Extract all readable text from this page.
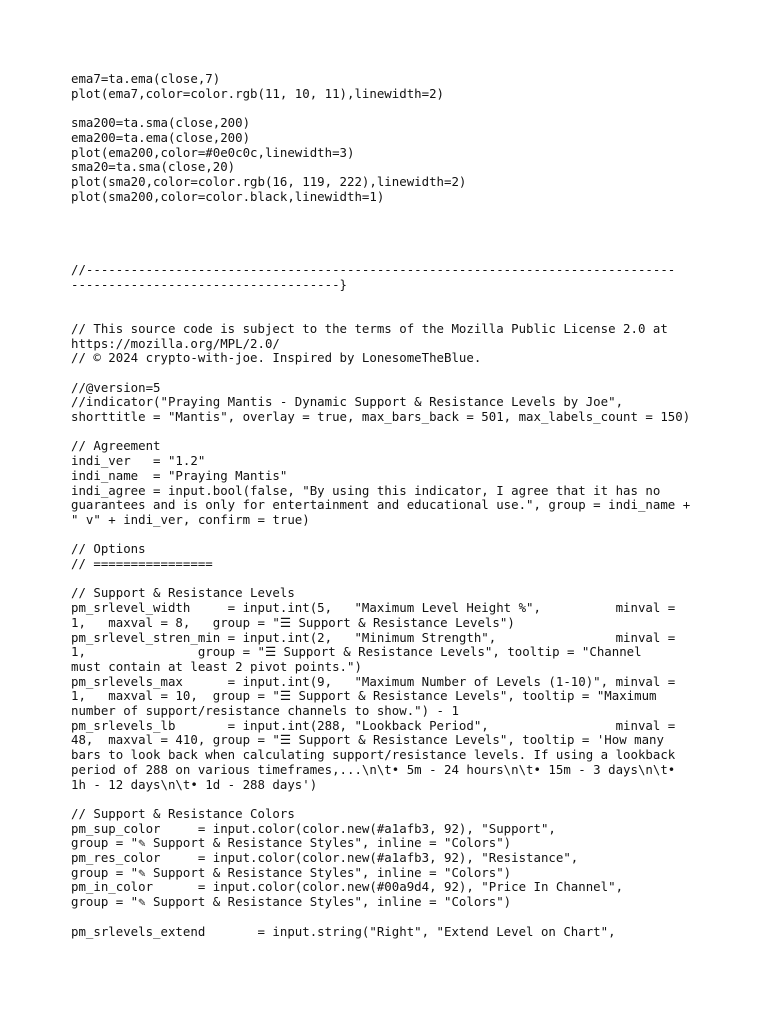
ema7=ta.ema(close,7)
plot(ema7,color=color.rgb(11, 10, 11),linewidth=2)
sma200=ta.sma(close,200)
ema200=ta.ema(close,200)
plot(ema200,color=#0e0c0c,linewidth=3)
sma20=ta.sma(close,20)
plot(sma20,color=color.rgb(16, 119, 222),linewidth=2)
plot(sma200,color=color.black,linewidth=1)
//-------------------------------------------------------------------------------
------------------------------------}
// This source code is subject to the terms of the Mozilla Public License 2.0 at
https://mozilla.org/MPL/2.0/
// © 2024 crypto-with-joe. Inspired by LonesomeTheBlue.
//@version=5
//indicator("Praying Mantis - Dynamic Support & Resistance Levels by Joe",
shorttitle = "Mantis", overlay = true, max_bars_back = 501, max_labels_count = 150)
// Agreement
indi_ver   = "1.2"
indi_name  = "Praying Mantis"
indi_agree = input.bool(false, "By using this indicator, I agree that it has no
guarantees and is only for entertainment and educational use.", group = indi_name +
" v" + indi_ver, confirm = true)
// Options
// ================
// Support & Resistance Levels
pm_srlevel_width     = input.int(5,   "Maximum Level Height %",          minval =
1,   maxval = 8,   group = "☰ Support & Resistance Levels")
pm_srlevel_stren_min = input.int(2,   "Minimum Strength",                minval =
1,               group = "☰ Support & Resistance Levels", tooltip = "Channel
must contain at least 2 pivot points.")
pm_srlevels_max      = input.int(9,   "Maximum Number of Levels (1-10)", minval =
1,   maxval = 10,  group = "☰ Support & Resistance Levels", tooltip = "Maximum
number of support/resistance channels to show.") - 1
pm_srlevels_lb       = input.int(288, "Lookback Period",                 minval =
48,  maxval = 410, group = "☰ Support & Resistance Levels", tooltip = 'How many
bars to look back when calculating support/resistance levels. If using a lookback
period of 288 on various timeframes,...\n\t• 5m - 24 hours\n\t• 15m - 3 days\n\t•
1h - 12 days\n\t• 1d - 288 days')
// Support & Resistance Colors
pm_sup_color     = input.color(color.new(#a1afb3, 92), "Support",
group = "✎ Support & Resistance Styles", inline = "Colors")
pm_res_color     = input.color(color.new(#a1afb3, 92), "Resistance",
group = "✎ Support & Resistance Styles", inline = "Colors")
pm_in_color      = input.color(color.new(#00a9d4, 92), "Price In Channel",
group = "✎ Support & Resistance Styles", inline = "Colors")
pm_srlevels_extend       = input.string("Right", "Extend Level on Chart",
